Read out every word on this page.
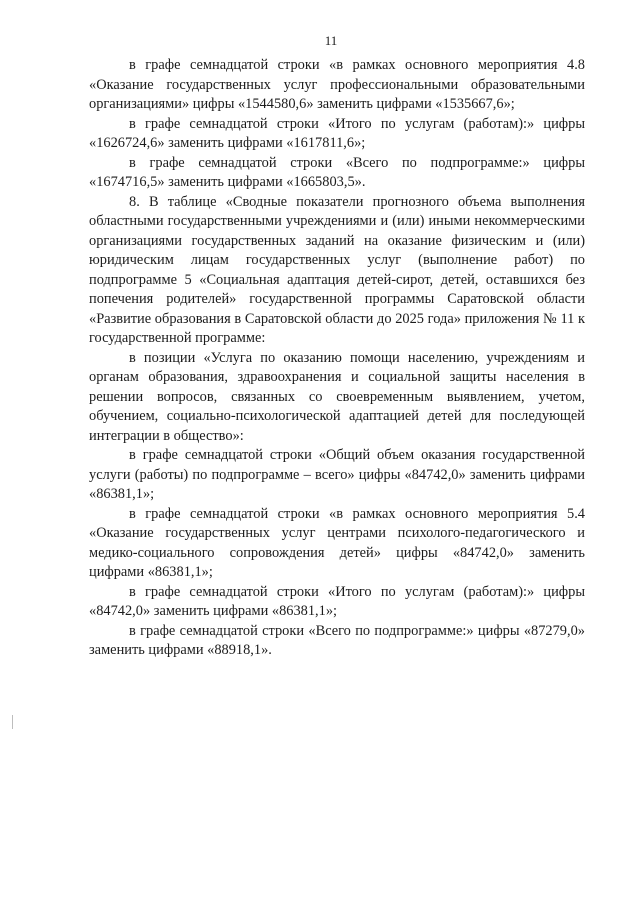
11

в графе семнадцатой строки «в рамках основного мероприятия 4.8 «Оказание государственных услуг профессиональными образовательными организациями» цифры «1544580,6» заменить цифрами «1535667,6»;

в графе семнадцатой строки «Итого по услугам (работам):» цифры «1626724,6» заменить цифрами «1617811,6»;

в графе семнадцатой строки «Всего по подпрограмме:» цифры «1674716,5» заменить цифрами «1665803,5».

8. В таблице «Сводные показатели прогнозного объема выполнения областными государственными учреждениями и (или) иными некоммерческими организациями государственных заданий на оказание физическим и (или) юридическим лицам государственных услуг (выполнение работ) по подпрограмме 5 «Социальная адаптация детей-сирот, детей, оставшихся без попечения родителей» государственной программы Саратовской области «Развитие образования в Саратовской области до 2025 года» приложения № 11 к государственной программе:

в позиции «Услуга по оказанию помощи населению, учреждениям и органам образования, здравоохранения и социальной защиты населения в решении вопросов, связанных со своевременным выявлением, учетом, обучением, социально-психологической адаптацией детей для последующей интеграции в общество»:

в графе семнадцатой строки «Общий объем оказания государственной услуги (работы) по подпрограмме – всего» цифры «84742,0» заменить цифрами «86381,1»;

в графе семнадцатой строки «в рамках основного мероприятия 5.4 «Оказание государственных услуг центрами психолого-педагогического и медико-социального сопровождения детей» цифры «84742,0» заменить цифрами «86381,1»;

в графе семнадцатой строки «Итого по услугам (работам):» цифры «84742,0» заменить цифрами «86381,1»;

в графе семнадцатой строки «Всего по подпрограмме:» цифры «87279,0» заменить цифрами «88918,1».
